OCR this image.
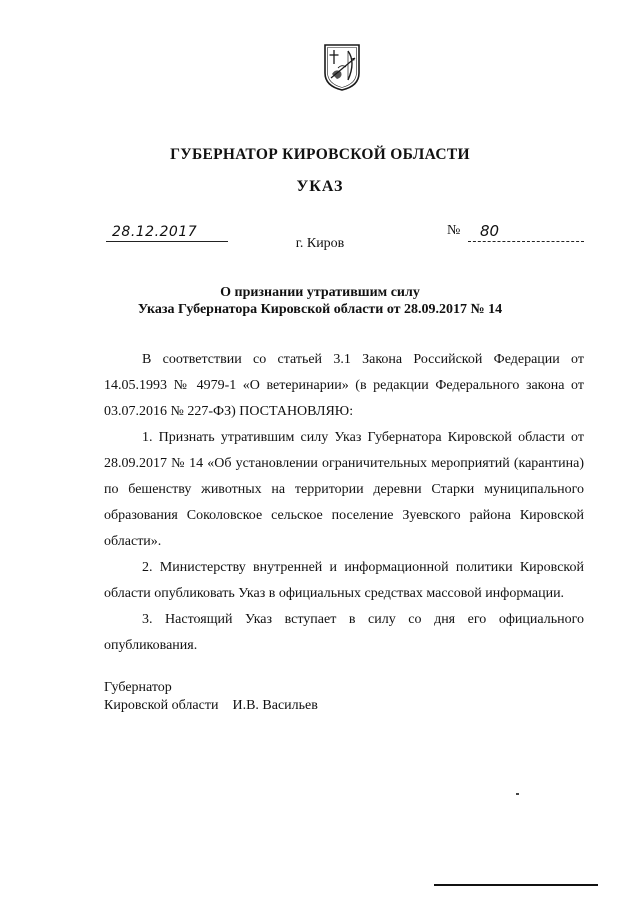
ГУБЕРНАТОР КИРОВСКОЙ ОБЛАСТИ
УКАЗ
28.12.2017	№ 80
г. Киров
О признании утратившим силу
Указа Губернатора Кировской области от 28.09.2017 № 14

В соответствии со статьей 3.1 Закона Российской Федерации от 14.05.1993 № 4979-1 «О ветеринарии» (в редакции Федерального закона от 03.07.2016 № 227-ФЗ) ПОСТАНОВЛЯЮ:

1. Признать утратившим силу Указ Губернатора Кировской области от 28.09.2017 № 14 «Об установлении ограничительных мероприятий (карантина) по бешенству животных на территории деревни Старки муниципального образования Соколовское сельское поселение Зуевского района Кировской области».

2. Министерству внутренней и информационной политики Кировской области опубликовать Указ в официальных средствах массовой информации.

3. Настоящий Указ вступает в силу со дня его официального опубликования.

Губернатор
Кировской области И.В. Васильев
